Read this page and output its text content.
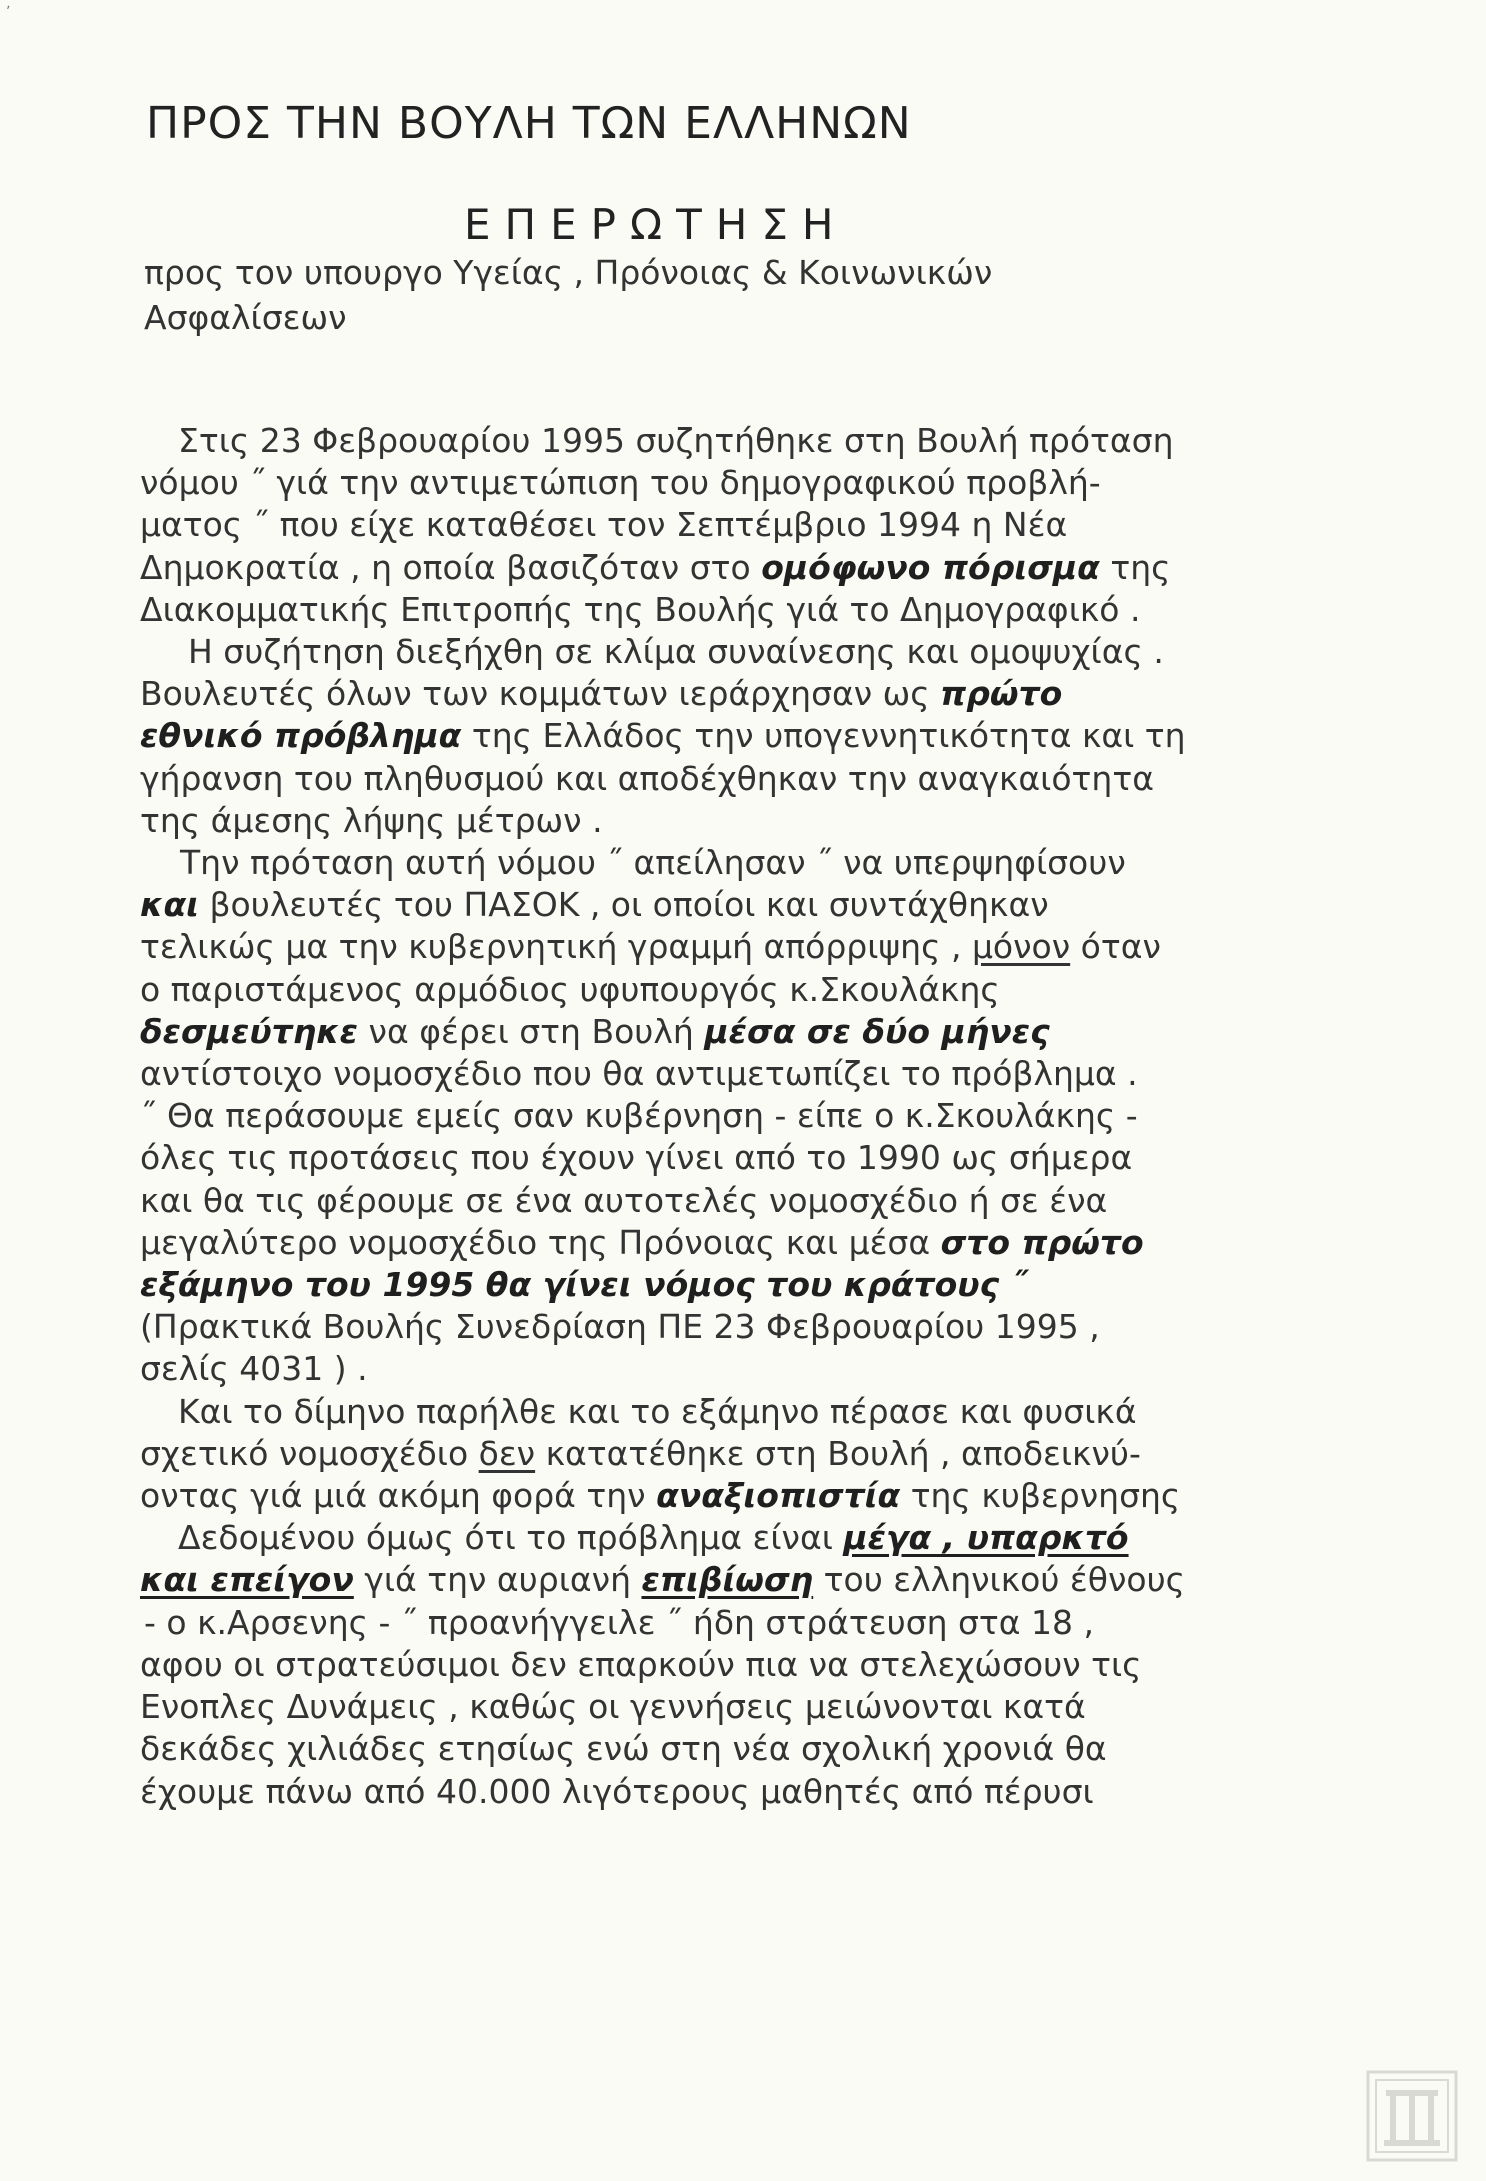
ʼ
ΠΡΟΣ ΤΗΝ ΒΟΥΛΗ ΤΩΝ ΕΛΛΗΝΩΝ
ΕΠΕΡΩΤΗΣΗ
προς τον υπουργο Υγείας , Πρόνοιας & Κοινωνικών
Ασφαλίσεων
Στις 23 Φεβρουαρίου 1995 συζητήθηκε στη Βουλή πρόταση
νόμου ˝ γιά την αντιμετώπιση του δημογραφικού προβλή-
ματος ˝ που είχε καταθέσει τον Σεπτέμβριο 1994 η Νέα
Δημοκρατία , η οποία βασιζόταν στο ομόφωνο πόρισμα της
Διακομματικής Επιτροπής της Βουλής γιά το Δημογραφικό .
Η συζήτηση διεξήχθη σε κλίμα συναίνεσης και ομοψυχίας .
Βουλευτές όλων των κομμάτων ιεράρχησαν ως πρώτο
εθνικό πρόβλημα της Ελλάδος την υπογεννητικότητα και τη
γήρανση του πληθυσμού και αποδέχθηκαν την αναγκαιότητα
της άμεσης λήψης μέτρων .
Την πρόταση αυτή νόμου ˝ απείλησαν ˝ να υπερψηφίσουν
και βουλευτές του ΠΑΣΟΚ , οι οποίοι και συντάχθηκαν
τελικώς μα την κυβερνητική γραμμή απόρριψης , μόνον όταν
ο παριστάμενος αρμόδιος υφυπουργός κ.Σκουλάκης
δεσμεύτηκε να φέρει στη Βουλή μέσα σε δύο μήνες
αντίστοιχο νομοσχέδιο που θα αντιμετωπίζει το πρόβλημα .
˝ Θα περάσουμε εμείς σαν κυβέρνηση - είπε ο κ.Σκουλάκης -
όλες τις προτάσεις που έχουν γίνει από το 1990 ως σήμερα
και θα τις φέρουμε σε ένα αυτοτελές νομοσχέδιο ή σε ένα
μεγαλύτερο νομοσχέδιο της Πρόνοιας και μέσα στο πρώτο
εξάμηνο του 1995 θα γίνει νόμος του κράτους ˝
(Πρακτικά Βουλής Συνεδρίαση ΠΕ 23 Φεβρουαρίου 1995 ,
σελίς 4031 ) .
Και το δίμηνο παρήλθε και το εξάμηνο πέρασε και φυσικά
σχετικό νομοσχέδιο δεν κατατέθηκε στη Βουλή , αποδεικνύ-
οντας γιά μιά ακόμη φορά την αναξιοπιστία της κυβερνησης
Δεδομένου όμως ότι το πρόβλημα είναι μέγα , υπαρκτό
και επείγον γιά την αυριανή επιβίωση του ελληνικού έθνους
- ο κ.Αρσενης - ˝ προανήγγειλε ˝ ήδη στράτευση στα 18 ,
αφου οι στρατεύσιμοι δεν επαρκούν πια να στελεχώσουν τις
Ενοπλες Δυνάμεις , καθώς οι γεννήσεις μειώνονται κατά
δεκάδες χιλιάδες ετησίως ενώ στη νέα σχολική χρονιά θα
έχουμε πάνω από 40.000 λιγότερους μαθητές από πέρυσι
